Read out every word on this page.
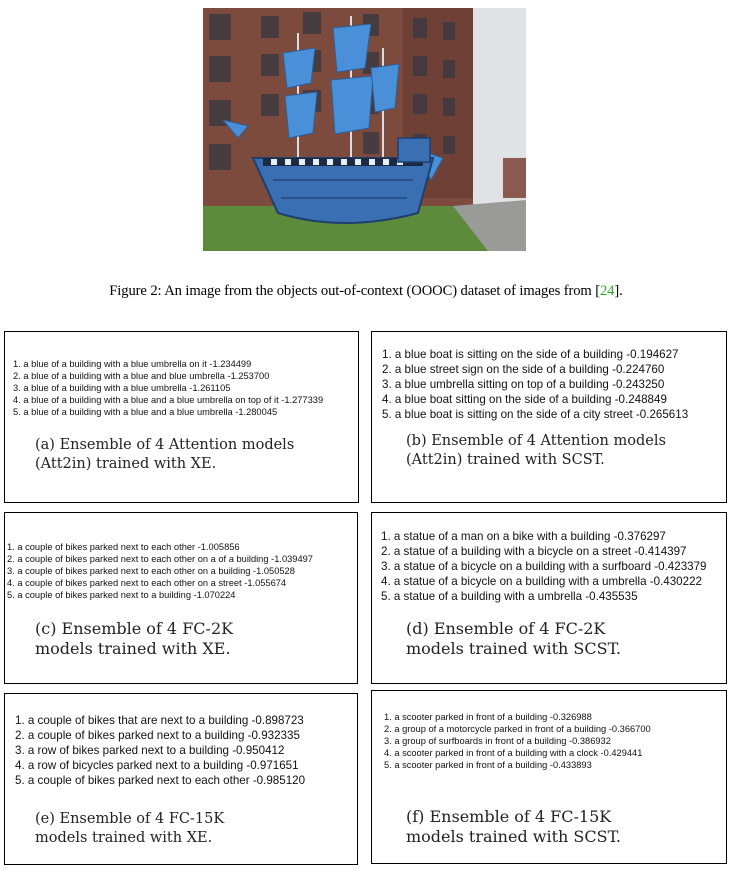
Figure 2: An image from the objects out-of-context (OOOC) dataset of images from [24].
1. a blue of a building with a blue umbrella on it -1.234499
2. a blue of a building with a blue and blue umbrella -1.253700
3. a blue of a building with a blue umbrella -1.261105
4. a blue of a building with a blue and a blue umbrella on top of it -1.277339
5. a blue of a building with a blue and a blue umbrella -1.280045
(a) Ensemble of 4 Attention models
(Att2in) trained with XE.
1. a blue boat is sitting on the side of a building -0.194627
2. a blue street sign on the side of a building -0.224760
3. a blue umbrella sitting on top of a building -0.243250
4. a blue boat sitting on the side of a building -0.248849
5. a blue boat is sitting on the side of a city street -0.265613
(b) Ensemble of 4 Attention models
(Att2in) trained with SCST.
1. a couple of bikes parked next to each other -1.005856
2. a couple of bikes parked next to each other on a of a building -1.039497
3. a couple of bikes parked next to each other on a building -1.050528
4. a couple of bikes parked next to each other on a street -1.055674
5. a couple of bikes parked next to a building -1.070224
(c) Ensemble of 4 FC-2K
models trained with XE.
1. a statue of a man on a bike with a building -0.376297
2. a statue of a building with a bicycle on a street -0.414397
3. a statue of a bicycle on a building with a surfboard -0.423379
4. a statue of a bicycle on a building with a umbrella -0.430222
5. a statue of a building with a umbrella -0.435535
(d) Ensemble of 4 FC-2K
models trained with SCST.
1. a couple of bikes that are next to a building -0.898723
2. a couple of bikes parked next to a building -0.932335
3. a row of bikes parked next to a building -0.950412
4. a row of bicycles parked next to a building -0.971651
5. a couple of bikes parked next to each other -0.985120
(e) Ensemble of 4 FC-15K
models trained with XE.
1. a scooter parked in front of a building -0.326988
2. a group of a motorcycle parked in front of a building -0.366700
3. a group of surfboards in front of a building -0.386932
4. a scooter parked in front of a building with a clock -0.429441
5. a scooter parked in front of a building -0.433893
(f) Ensemble of 4 FC-15K
models trained with SCST.
